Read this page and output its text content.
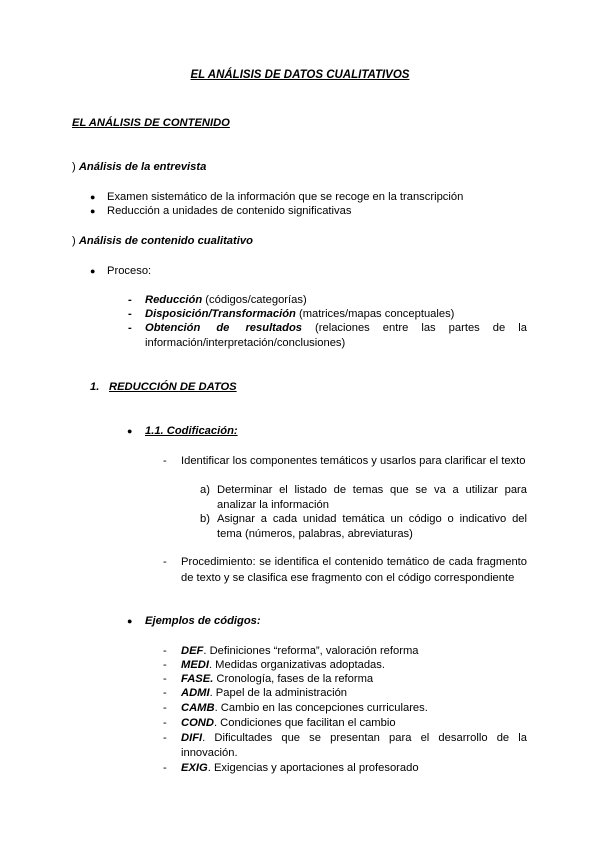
EL ANÁLISIS DE DATOS CUALITATIVOS
EL ANÁLISIS DE CONTENIDO
) Análisis de la entrevista
● Examen sistemático de la información que se recoge en la transcripción
● Reducción a unidades de contenido significativas
) Análisis de contenido cualitativo
● Proceso:
- Reducción (códigos/categorías)
- Disposición/Transformación (matrices/mapas conceptuales)
- Obtención de resultados (relaciones entre las partes de la información/interpretación/conclusiones)
1. REDUCCIÓN DE DATOS
● 1.1. Codificación:
- Identificar los componentes temáticos y usarlos para clarificar el texto
a) Determinar el listado de temas que se va a utilizar para analizar la información
b) Asignar a cada unidad temática un código o indicativo del tema (números, palabras, abreviaturas)
- Procedimiento: se identifica el contenido temático de cada fragmento de texto y se clasifica ese fragmento con el código correspondiente
● Ejemplos de códigos:
- DEF. Definiciones “reforma”, valoración reforma
- MEDI. Medidas organizativas adoptadas.
- FASE. Cronología, fases de la reforma
- ADMI. Papel de la administración
- CAMB. Cambio en las concepciones curriculares.
- COND. Condiciones que facilitan el cambio
- DIFI. Dificultades que se presentan para el desarrollo de la innovación.
- EXIG. Exigencias y aportaciones al profesorado
